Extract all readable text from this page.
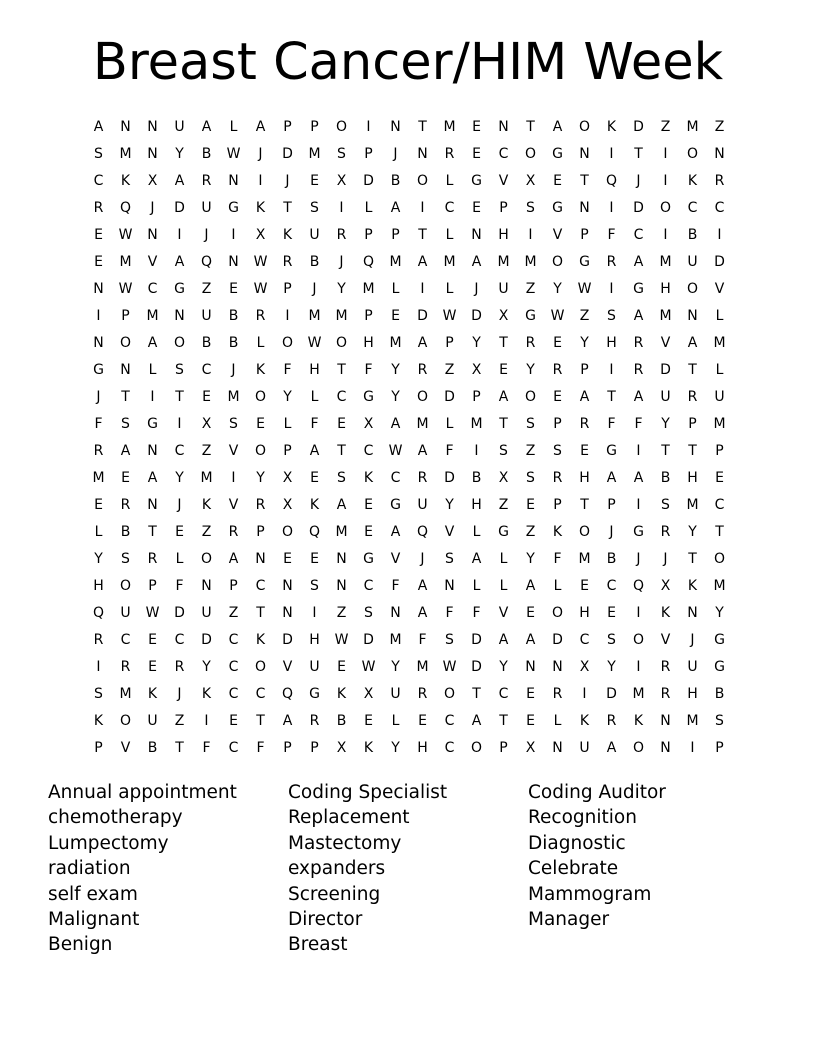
Breast Cancer/HIM Week
A	N	N	U	A	L	A	P	P	O	I	N	T	M	E	N	T	A	O	K	D	Z	M	Z
S	M	N	Y	B	W	J	D	M	S	P	J	N	R	E	C	O	G	N	I	T	I	O	N
C	K	X	A	R	N	I	J	E	X	D	B	O	L	G	V	X	E	T	Q	J	I	K	R
R	Q	J	D	U	G	K	T	S	I	L	A	I	C	E	P	S	G	N	I	D	O	C	C
E	W	N	I	J	I	X	K	U	R	P	P	T	L	N	H	I	V	P	F	C	I	B	I
E	M	V	A	Q	N	W	R	B	J	Q	M	A	M	A	M	M	O	G	R	A	M	U	D
N	W	C	G	Z	E	W	P	J	Y	M	L	I	L	J	U	Z	Y	W	I	G	H	O	V
I	P	M	N	U	B	R	I	M	M	P	E	D	W	D	X	G	W	Z	S	A	M	N	L
N	O	A	O	B	B	L	O	W	O	H	M	A	P	Y	T	R	E	Y	H	R	V	A	M
G	N	L	S	C	J	K	F	H	T	F	Y	R	Z	X	E	Y	R	P	I	R	D	T	L
J	T	I	T	E	M	O	Y	L	C	G	Y	O	D	P	A	O	E	A	T	A	U	R	U
F	S	G	I	X	S	E	L	F	E	X	A	M	L	M	T	S	P	R	F	F	Y	P	M
R	A	N	C	Z	V	O	P	A	T	C	W	A	F	I	S	Z	S	E	G	I	T	T	P
M	E	A	Y	M	I	Y	X	E	S	K	C	R	D	B	X	S	R	H	A	A	B	H	E
E	R	N	J	K	V	R	X	K	A	E	G	U	Y	H	Z	E	P	T	P	I	S	M	C
L	B	T	E	Z	R	P	O	Q	M	E	A	Q	V	L	G	Z	K	O	J	G	R	Y	T
Y	S	R	L	O	A	N	E	E	N	G	V	J	S	A	L	Y	F	M	B	J	J	T	O
H	O	P	F	N	P	C	N	S	N	C	F	A	N	L	L	A	L	E	C	Q	X	K	M
Q	U	W	D	U	Z	T	N	I	Z	S	N	A	F	F	V	E	O	H	E	I	K	N	Y
R	C	E	C	D	C	K	D	H	W	D	M	F	S	D	A	A	D	C	S	O	V	J	G
I	R	E	R	Y	C	O	V	U	E	W	Y	M	W	D	Y	N	N	X	Y	I	R	U	G
S	M	K	J	K	C	C	Q	G	K	X	U	R	O	T	C	E	R	I	D	M	R	H	B
K	O	U	Z	I	E	T	A	R	B	E	L	E	C	A	T	E	L	K	R	K	N	M	S
P	V	B	T	F	C	F	P	P	X	K	Y	H	C	O	P	X	N	U	A	O	N	I	P
Annual appointment
chemotherapy
Lumpectomy
radiation
self exam
Malignant
Benign
Coding Specialist
Replacement
Mastectomy
expanders
Screening
Director
Breast
Coding Auditor
Recognition
Diagnostic
Celebrate
Mammogram
Manager
